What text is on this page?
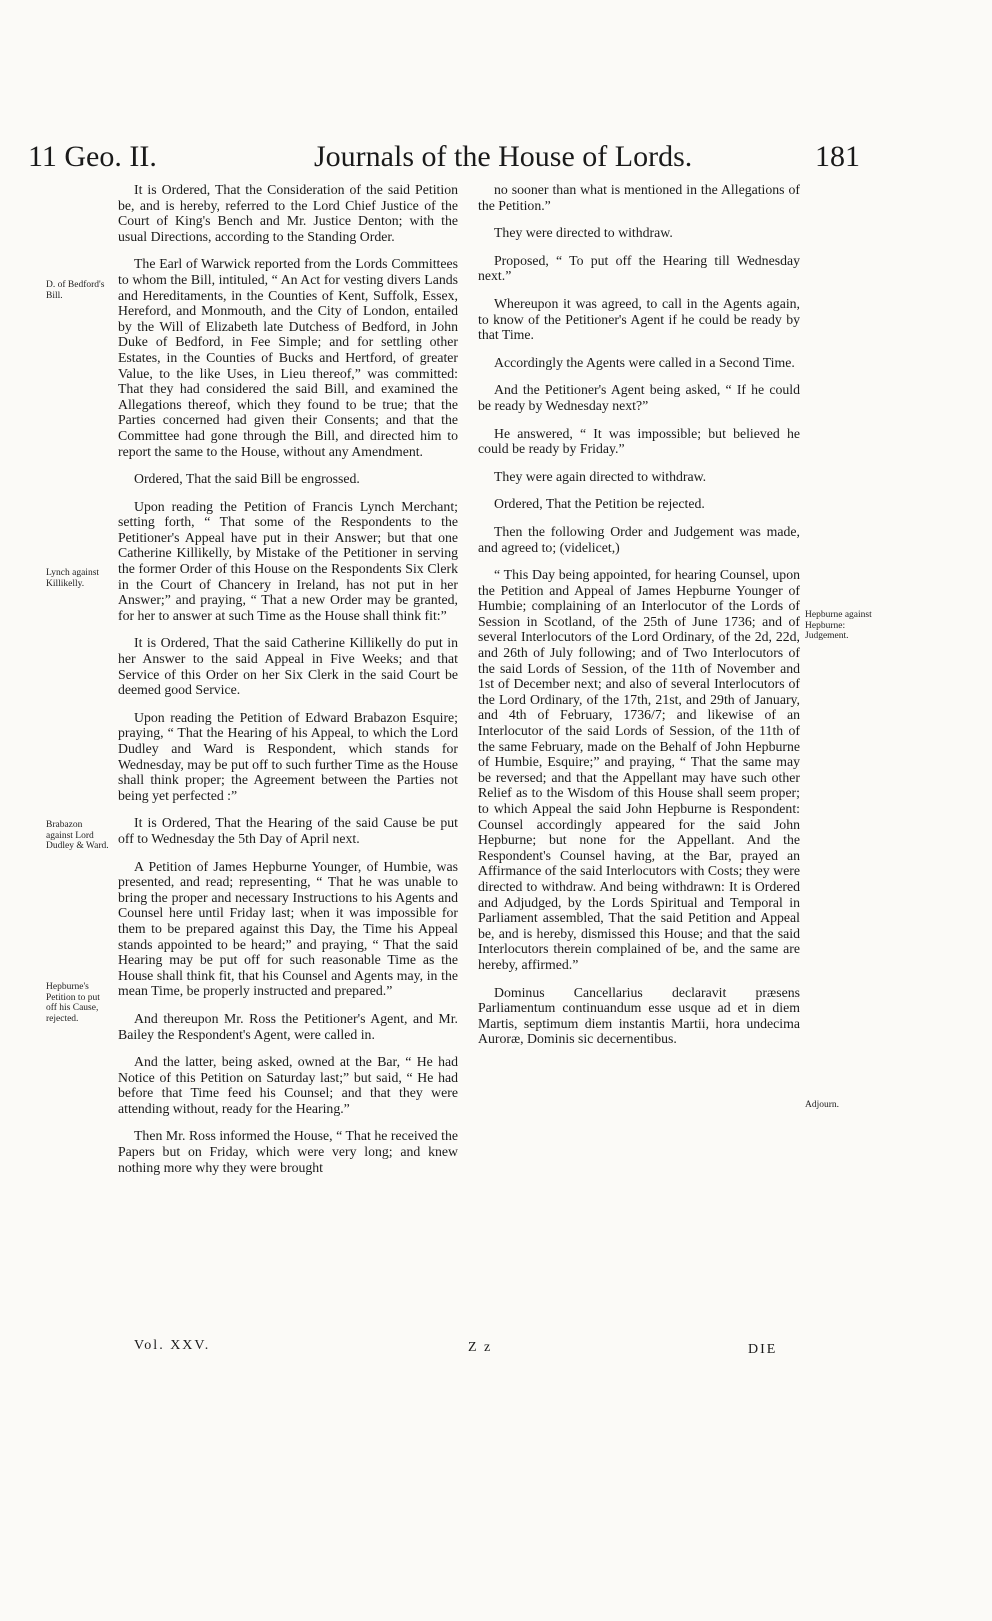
11 Geo. II.	Journals of the House of Lords.	181

It is Ordered, That the Consideration of the said Petition be, and is hereby, referred to the Lord Chief Justice of the Court of King's Bench and Mr. Justice Denton; with the usual Directions, according to the Standing Order.

The Earl of Warwick reported from the Lords Committees to whom the Bill, intituled, “ An Act for vesting divers Lands and Hereditaments, in the Counties of Kent, Suffolk, Essex, Hereford, and Monmouth, and the City of London, entailed by the Will of Elizabeth late Dutchess of Bedford, in John Duke of Bedford, in Fee Simple; and for settling other Estates, in the Counties of Bucks and Hertford, of greater Value, to the like Uses, in Lieu thereof,” was committed: That they had considered the said Bill, and examined the Allegations thereof, which they found to be true; that the Parties concerned had given their Consents; and that the Committee had gone through the Bill, and directed him to report the same to the House, without any Amendment.

Ordered, That the said Bill be engrossed.

Upon reading the Petition of Francis Lynch Merchant; setting forth, “ That some of the Respondents to the Petitioner's Appeal have put in their Answer; but that one Catherine Killikelly, by Mistake of the Petitioner in serving the former Order of this House on the Respondents Six Clerk in the Court of Chancery in Ireland, has not put in her Answer;” and praying, “ That a new Order may be granted, for her to answer at such Time as the House shall think fit:”

It is Ordered, That the said Catherine Killikelly do put in her Answer to the said Appeal in Five Weeks; and that Service of this Order on her Six Clerk in the said Court be deemed good Service.

Upon reading the Petition of Edward Brabazon Esquire; praying, “ That the Hearing of his Appeal, to which the Lord Dudley and Ward is Respondent, which stands for Wednesday, may be put off to such further Time as the House shall think proper; the Agreement between the Parties not being yet perfected :”

It is Ordered, That the Hearing of the said Cause be put off to Wednesday the 5th Day of April next.

A Petition of James Hepburne Younger, of Humbie, was presented, and read; representing, “ That he was unable to bring the proper and necessary Instructions to his Agents and Counsel here until Friday last; when it was impossible for them to be prepared against this Day, the Time his Appeal stands appointed to be heard;” and praying, “ That the said Hearing may be put off for such reasonable Time as the House shall think fit, that his Counsel and Agents may, in the mean Time, be properly instructed and prepared.”

And thereupon Mr. Ross the Petitioner's Agent, and Mr. Bailey the Respondent's Agent, were called in.

And the latter, being asked, owned at the Bar, “ He had Notice of this Petition on Saturday last;” but said, “ He had before that Time feed his Counsel; and that they were attending without, ready for the Hearing.”

Then Mr. Ross informed the House, “ That he received the Papers but on Friday, which were very long; and knew nothing more why they were brought

no sooner than what is mentioned in the Allegations of the Petition.”

They were directed to withdraw.

Proposed, “ To put off the Hearing till Wednesday next.”

Whereupon it was agreed, to call in the Agents again, to know of the Petitioner's Agent if he could be ready by that Time.

Accordingly the Agents were called in a Second Time.

And the Petitioner's Agent being asked, “ If he could be ready by Wednesday next?”

He answered, “ It was impossible; but believed he could be ready by Friday.”

They were again directed to withdraw.

Ordered, That the Petition be rejected.

Then the following Order and Judgement was made, and agreed to; (videlicet,)

“ This Day being appointed, for hearing Counsel, upon the Petition and Appeal of James Hepburne Younger of Humbie; complaining of an Interlocutor of the Lords of Session in Scotland, of the 25th of June 1736; and of several Interlocutors of the Lord Ordinary, of the 2d, 22d, and 26th of July following; and of Two Interlocutors of the said Lords of Session, of the 11th of November and 1st of December next; and also of several Interlocutors of the Lord Ordinary, of the 17th, 21st, and 29th of January, and 4th of February, 1736/7; and likewise of an Interlocutor of the said Lords of Session, of the 11th of the same February, made on the Behalf of John Hepburne of Humbie, Esquire;” and praying, “ That the same may be reversed; and that the Appellant may have such other Relief as to the Wisdom of this House shall seem proper; to which Appeal the said John Hepburne is Respondent: Counsel accordingly appeared for the said John Hepburne; but none for the Appellant. And the Respondent's Counsel having, at the Bar, prayed an Affirmance of the said Interlocutors with Costs; they were directed to withdraw. And being withdrawn: It is Ordered and Adjudged, by the Lords Spiritual and Temporal in Parliament assembled, That the said Petition and Appeal be, and is hereby, dismissed this House; and that the said Interlocutors therein complained of be, and the same are hereby, affirmed.”

Dominus Cancellarius declaravit præsens Parliamentum continuandum esse usque ad et in diem Martis, septimum diem instantis Martii, hora undecima Auroræ, Dominis sic decernentibus.

D. of Bedford's Bill.
Lynch against Killikelly.
Brabazon against Lord Dudley & Ward.
Hepburne's Petition to put off his Cause, rejected.
Hepburne against Hepburne: Judgement.
Adjourn.
Vol. XXV.	Z z	DIE
